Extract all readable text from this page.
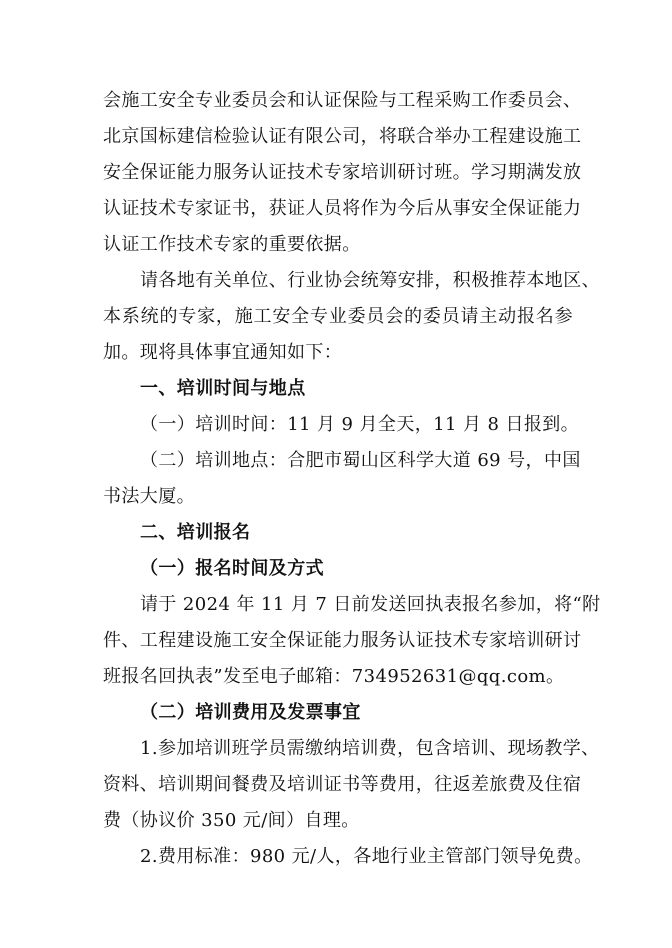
会施工安全专业委员会和认证保险与工程采购工作委员会、
北京国标建信检验认证有限公司，将联合举办工程建设施工
安全保证能力服务认证技术专家培训研讨班。学习期满发放
认证技术专家证书，获证人员将作为今后从事安全保证能力
认证工作技术专家的重要依据。
请各地有关单位、行业协会统筹安排，积极推荐本地区、
本系统的专家，施工安全专业委员会的委员请主动报名参
加。现将具体事宜通知如下：
一、培训时间与地点
（一）培训时间：11 月 9 月全天，11 月 8 日报到。
（二）培训地点：合肥市蜀山区科学大道 69 号，中国
书法大厦。
二、培训报名
（一）报名时间及方式
请于 2024 年 11 月 7 日前发送回执表报名参加，将“附
件、工程建设施工安全保证能力服务认证技术专家培训研讨
班报名回执表”发至电子邮箱：734952631@qq.com。
（二）培训费用及发票事宜
1.参加培训班学员需缴纳培训费，包含培训、现场教学、
资料、培训期间餐费及培训证书等费用，往返差旅费及住宿
费（协议价 350 元/间）自理。
2.费用标准：980 元/人，各地行业主管部门领导免费。
